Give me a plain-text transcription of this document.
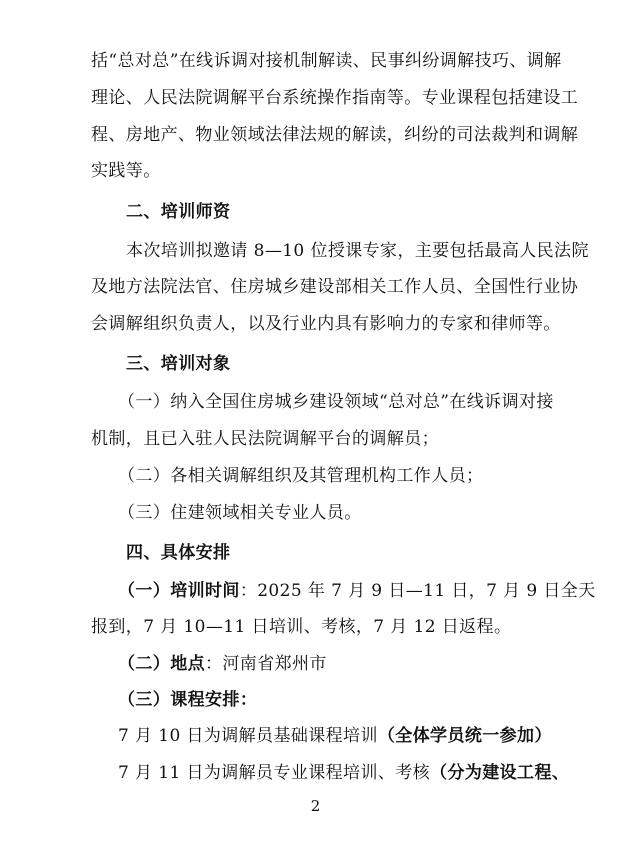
括“总对总”在线诉调对接机制解读、民事纠纷调解技巧、调解
理论、人民法院调解平台系统操作指南等。专业课程包括建设工
程、房地产、物业领域法律法规的解读，纠纷的司法裁判和调解
实践等。
二、培训师资
本次培训拟邀请 8—10 位授课专家，主要包括最高人民法院
及地方法院法官、住房城乡建设部相关工作人员、全国性行业协
会调解组织负责人，以及行业内具有影响力的专家和律师等。
三、培训对象
（一）纳入全国住房城乡建设领域“总对总”在线诉调对接
机制，且已入驻人民法院调解平台的调解员；
（二）各相关调解组织及其管理机构工作人员；
（三）住建领域相关专业人员。
四、具体安排
（一）培训时间：2025 年 7 月 9 日—11 日，7 月 9 日全天
报到，7 月 10—11 日培训、考核，7 月 12 日返程。
（二）地点：河南省郑州市
（三）课程安排：
7 月 10 日为调解员基础课程培训（全体学员统一参加）
7 月 11 日为调解员专业课程培训、考核（分为建设工程、
2
